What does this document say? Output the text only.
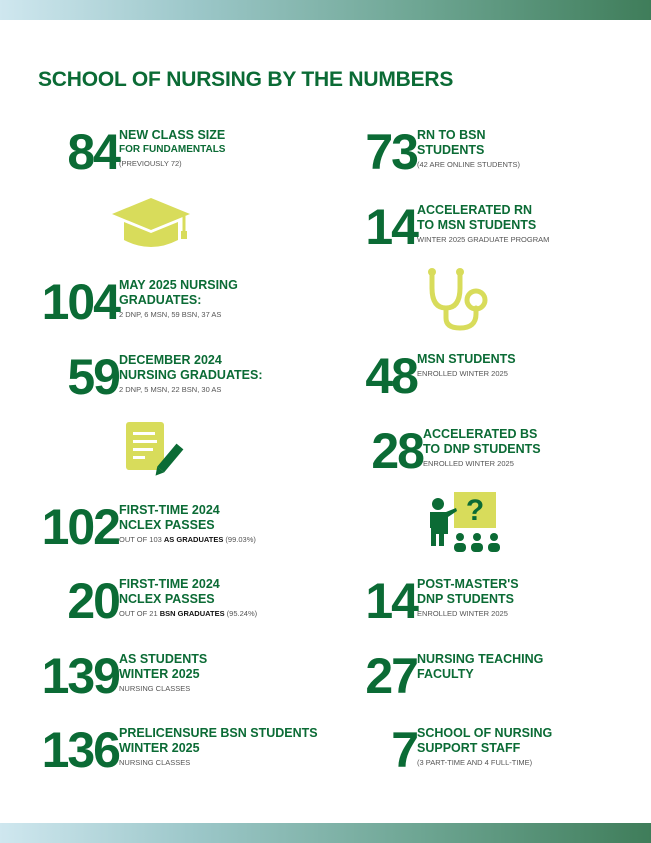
SCHOOL OF NURSING BY THE NUMBERS
84 NEW CLASS SIZE
FOR FUNDAMENTALS
(PREVIOUSLY 72)
104 MAY 2025 NURSING
GRADUATES:
2 DNP, 6 MSN, 59 BSN, 37 AS
59 DECEMBER 2024
NURSING GRADUATES:
2 DNP, 5 MSN, 22 BSN, 30 AS
102 FIRST-TIME 2024
NCLEX PASSES
OUT OF 103 AS GRADUATES (99.03%)
20 FIRST-TIME 2024
NCLEX PASSES
OUT OF 21 BSN GRADUATES (95.24%)
139 AS STUDENTS
WINTER 2025
NURSING CLASSES
136 PRELICENSURE BSN STUDENTS
WINTER 2025
NURSING CLASSES
73 RN TO BSN
STUDENTS
(42 ARE ONLINE STUDENTS)
14 ACCELERATED RN
TO MSN STUDENTS
WINTER 2025 GRADUATE PROGRAM
48 MSN STUDENTS
ENROLLED WINTER 2025
28 ACCELERATED BS
TO DNP STUDENTS
ENROLLED WINTER 2025
?
14 POST-MASTER'S
DNP STUDENTS
ENROLLED WINTER 2025
27 NURSING TEACHING
FACULTY
7 SCHOOL OF NURSING
SUPPORT STAFF
(3 PART-TIME AND 4 FULL-TIME)
